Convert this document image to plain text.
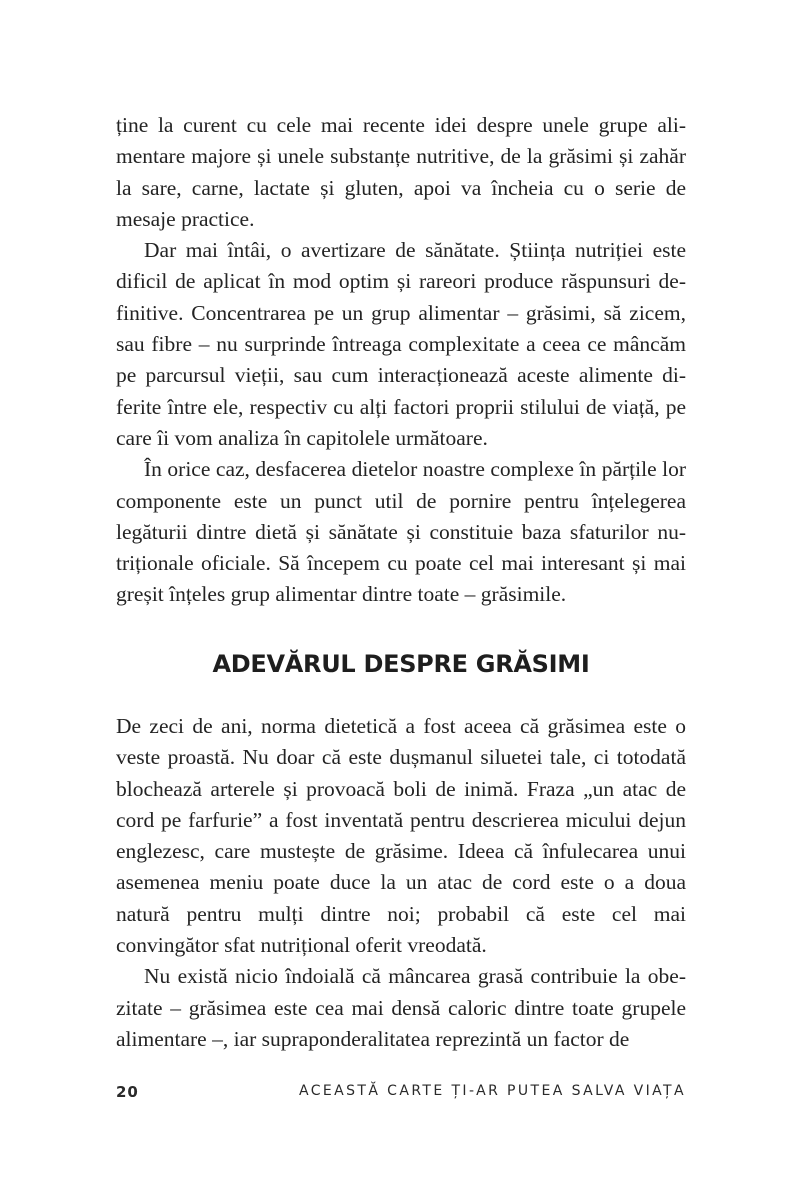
ține la curent cu cele mai recente idei despre unele grupe alimentare majore și unele substanțe nutritive, de la grăsimi și zahăr la sare, carne, lactate și gluten, apoi va încheia cu o serie de mesaje practice.

Dar mai întâi, o avertizare de sănătate. Știința nutriției este dificil de aplicat în mod optim și rareori produce răspunsuri definitive. Concentrarea pe un grup alimentar – grăsimi, să zicem, sau fibre – nu surprinde întreaga complexitate a ceea ce mâncăm pe parcursul vieții, sau cum interacționează aceste alimente diferite între ele, respectiv cu alți factori proprii stilului de viață, pe care îi vom analiza în capitolele următoare.

În orice caz, desfacerea dietelor noastre complexe în părțile lor componente este un punct util de pornire pentru înțelegerea legăturii dintre dietă și sănătate și constituie baza sfaturilor nutriționale oficiale. Să începem cu poate cel mai interesant și mai greșit înțeles grup alimentar dintre toate – grăsimile.

ADEVĂRUL DESPRE GRĂSIMI

De zeci de ani, norma dietetică a fost aceea că grăsimea este o veste proastă. Nu doar că este dușmanul siluetei tale, ci totodată blochează arterele și provoacă boli de inimă. Fraza „un atac de cord pe farfurie” a fost inventată pentru descrierea micului dejun englezesc, care mustește de grăsime. Ideea că înfulecarea unui asemenea meniu poate duce la un atac de cord este o a doua natură pentru mulți dintre noi; probabil că este cel mai convingător sfat nutrițional oferit vreodată.

Nu există nicio îndoială că mâncarea grasă contribuie la obezitate – grăsimea este cea mai densă caloric dintre toate grupele alimentare –, iar supraponderalitatea reprezintă un factor de

20	ACEASTĂ CARTE ȚI-AR PUTEA SALVA VIAȚA
